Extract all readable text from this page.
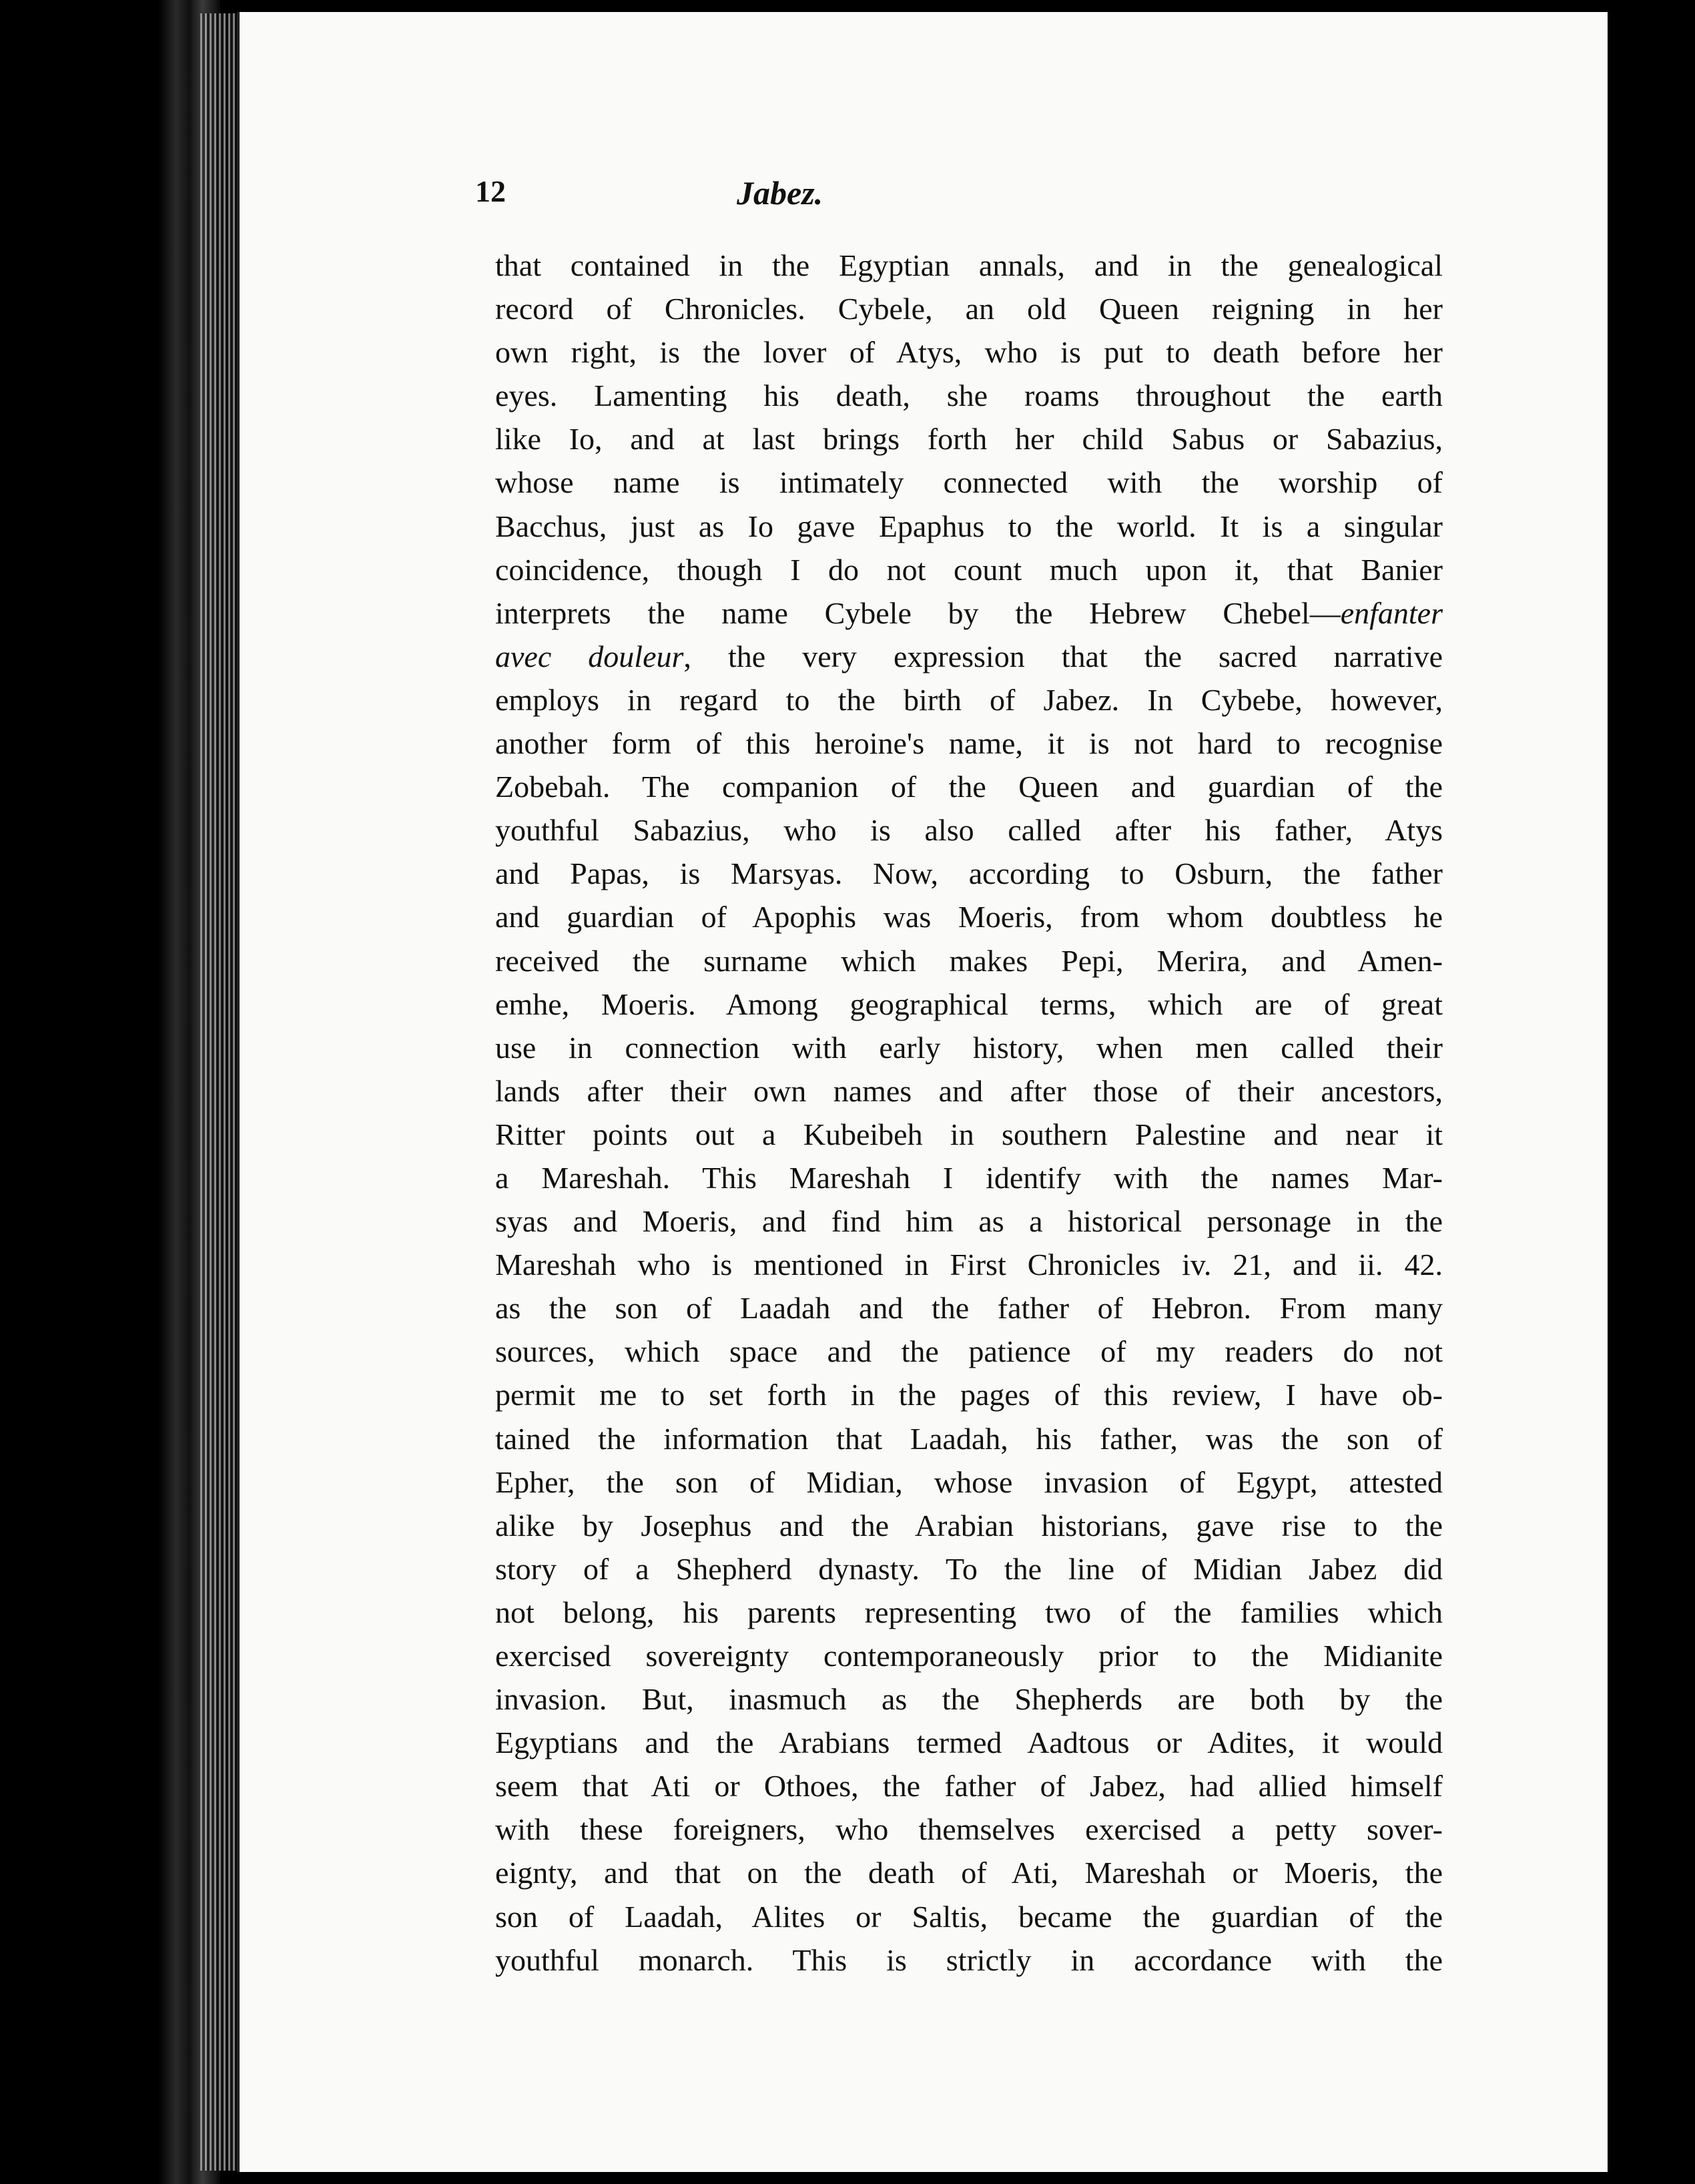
12	Jabez.
that contained in the Egyptian annals, and in the genealogical
record of Chronicles. Cybele, an old Queen reigning in her
own right, is the lover of Atys, who is put to death before her
eyes. Lamenting his death, she roams throughout the earth
like Io, and at last brings forth her child Sabus or Sabazius,
whose name is intimately connected with the worship of
Bacchus, just as Io gave Epaphus to the world. It is a singular
coincidence, though I do not count much upon it, that Banier
interprets the name Cybele by the Hebrew Chebel—enfanter
avec douleur, the very expression that the sacred narrative
employs in regard to the birth of Jabez. In Cybebe, however,
another form of this heroine's name, it is not hard to recognise
Zobebah. The companion of the Queen and guardian of the
youthful Sabazius, who is also called after his father, Atys
and Papas, is Marsyas. Now, according to Osburn, the father
and guardian of Apophis was Moeris, from whom doubtless he
received the surname which makes Pepi, Merira, and Amen-
emhe, Moeris. Among geographical terms, which are of great
use in connection with early history, when men called their
lands after their own names and after those of their ancestors,
Ritter points out a Kubeibeh in southern Palestine and near it
a Mareshah. This Mareshah I identify with the names Mar-
syas and Moeris, and find him as a historical personage in the
Mareshah who is mentioned in First Chronicles iv. 21, and ii. 42.
as the son of Laadah and the father of Hebron. From many
sources, which space and the patience of my readers do not
permit me to set forth in the pages of this review, I have ob-
tained the information that Laadah, his father, was the son of
Epher, the son of Midian, whose invasion of Egypt, attested
alike by Josephus and the Arabian historians, gave rise to the
story of a Shepherd dynasty. To the line of Midian Jabez did
not belong, his parents representing two of the families which
exercised sovereignty contemporaneously prior to the Midianite
invasion. But, inasmuch as the Shepherds are both by the
Egyptians and the Arabians termed Aadtous or Adites, it would
seem that Ati or Othoes, the father of Jabez, had allied himself
with these foreigners, who themselves exercised a petty sover-
eignty, and that on the death of Ati, Mareshah or Moeris, the
son of Laadah, Alites or Saltis, became the guardian of the
youthful monarch. This is strictly in accordance with the
